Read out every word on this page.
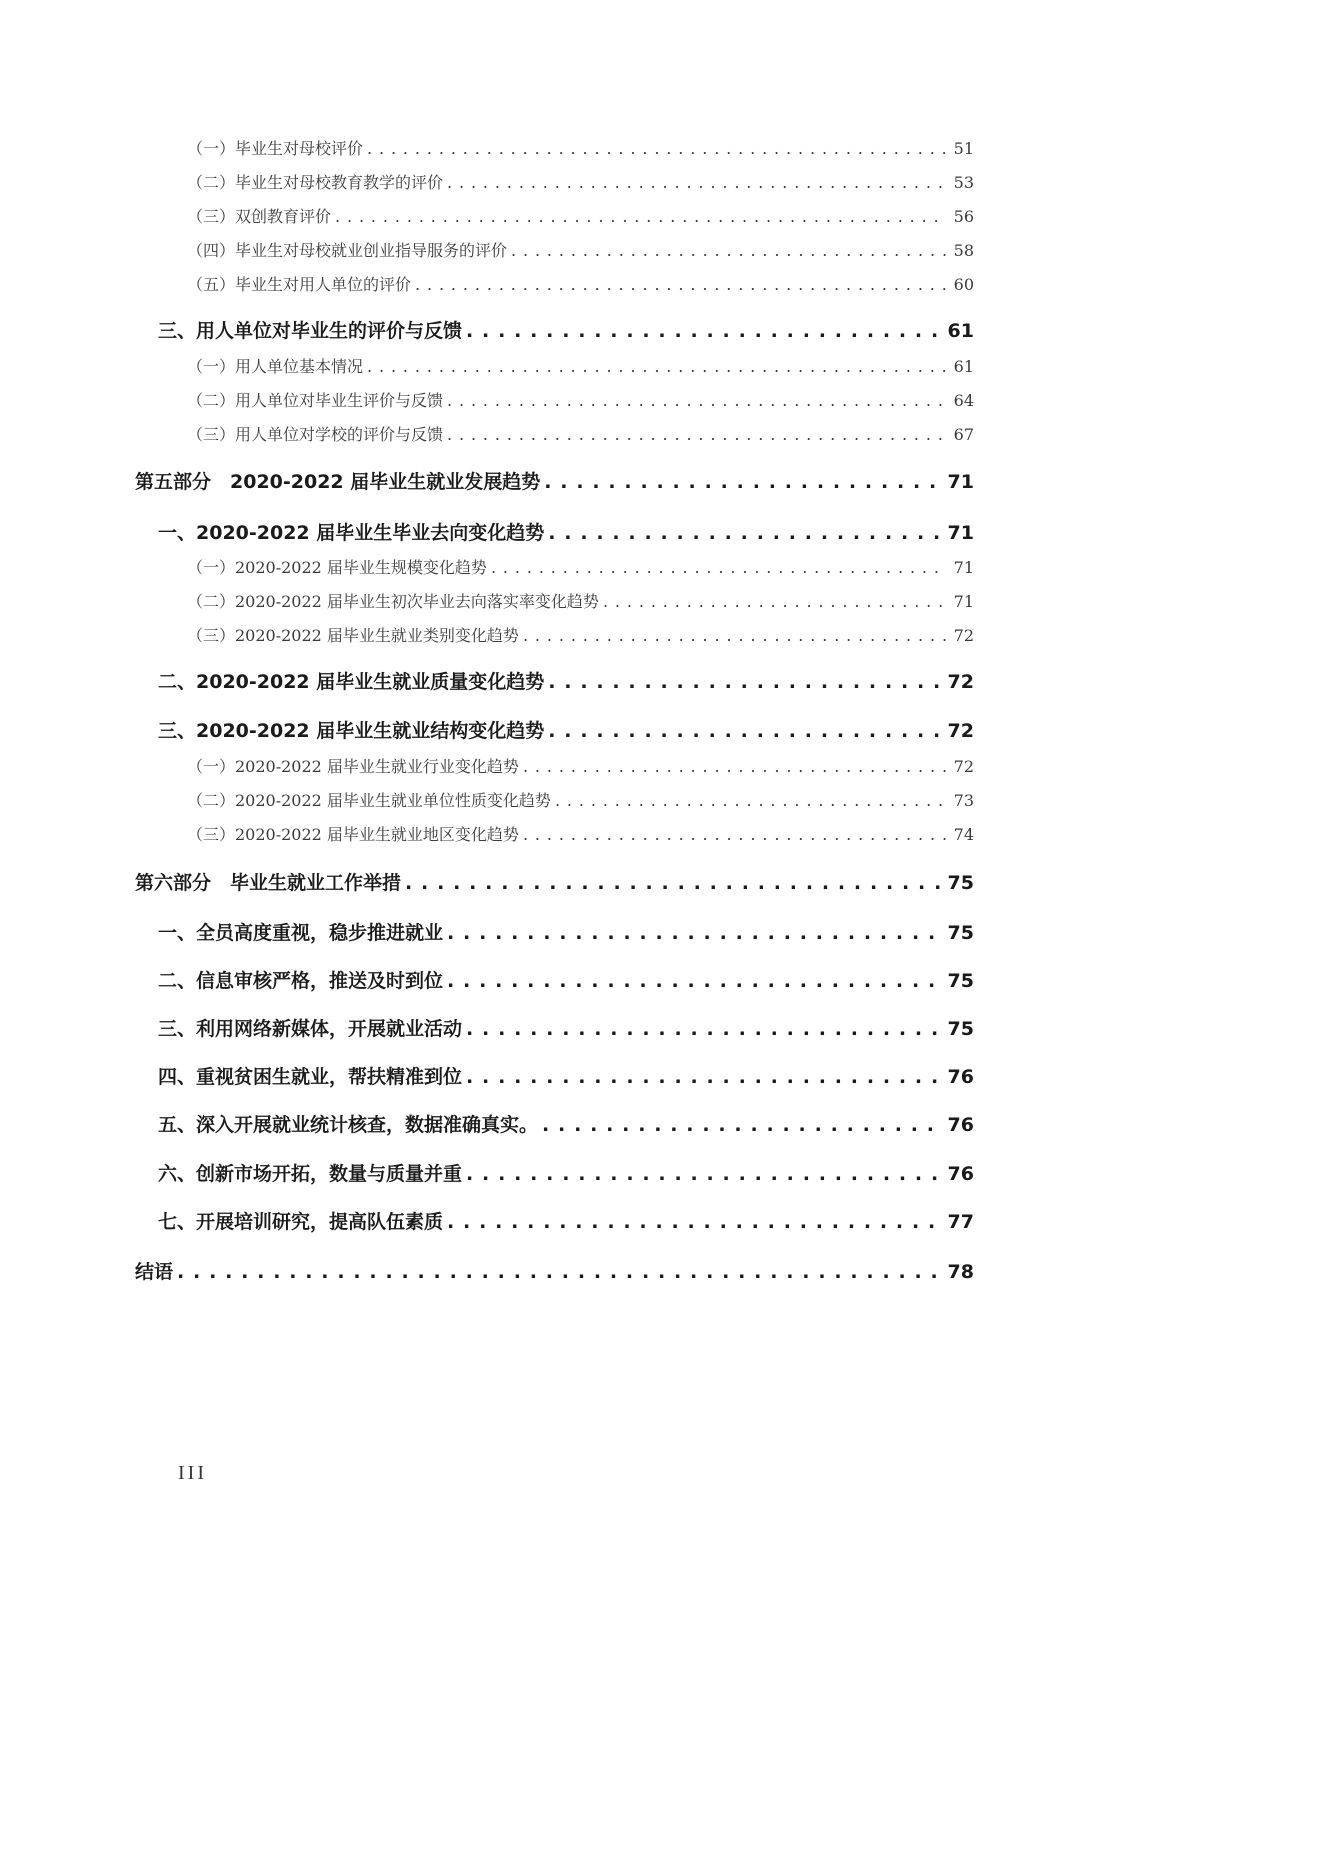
（一）毕业生对母校评价 . . .	51
（二）毕业生对母校教育教学的评价 . . .	53
（三）双创教育评价 . . .	56
（四）毕业生对母校就业创业指导服务的评价 . . .	58
（五）毕业生对用人单位的评价 . . .	60
三、用人单位对毕业生的评价与反馈 . . .	61
（一）用人单位基本情况 . . .	61
（二）用人单位对毕业生评价与反馈 . . .	64
（三）用人单位对学校的评价与反馈 . . .	67
第五部分　2020-2022 届毕业生就业发展趋势 . . .	71
一、2020-2022 届毕业生毕业去向变化趋势 . . .	71
（一）2020-2022 届毕业生规模变化趋势 . . .	71
（二）2020-2022 届毕业生初次毕业去向落实率变化趋势 . . .	71
（三）2020-2022 届毕业生就业类别变化趋势 . . .	72
二、2020-2022 届毕业生就业质量变化趋势 . . .	72
三、2020-2022 届毕业生就业结构变化趋势 . . .	72
（一）2020-2022 届毕业生就业行业变化趋势 . . .	72
（二）2020-2022 届毕业生就业单位性质变化趋势 . . .	73
（三）2020-2022 届毕业生就业地区变化趋势 . . .	74
第六部分　毕业生就业工作举措 . . .	75
一、全员高度重视，稳步推进就业 . . .	75
二、信息审核严格，推送及时到位 . . .	75
三、利用网络新媒体，开展就业活动 . . .	75
四、重视贫困生就业，帮扶精准到位 . . .	76
五、深入开展就业统计核查，数据准确真实。 . . .	76
六、创新市场开拓，数量与质量并重 . . .	76
七、开展培训研究，提高队伍素质 . . .	77
结语 . . .	78
III
